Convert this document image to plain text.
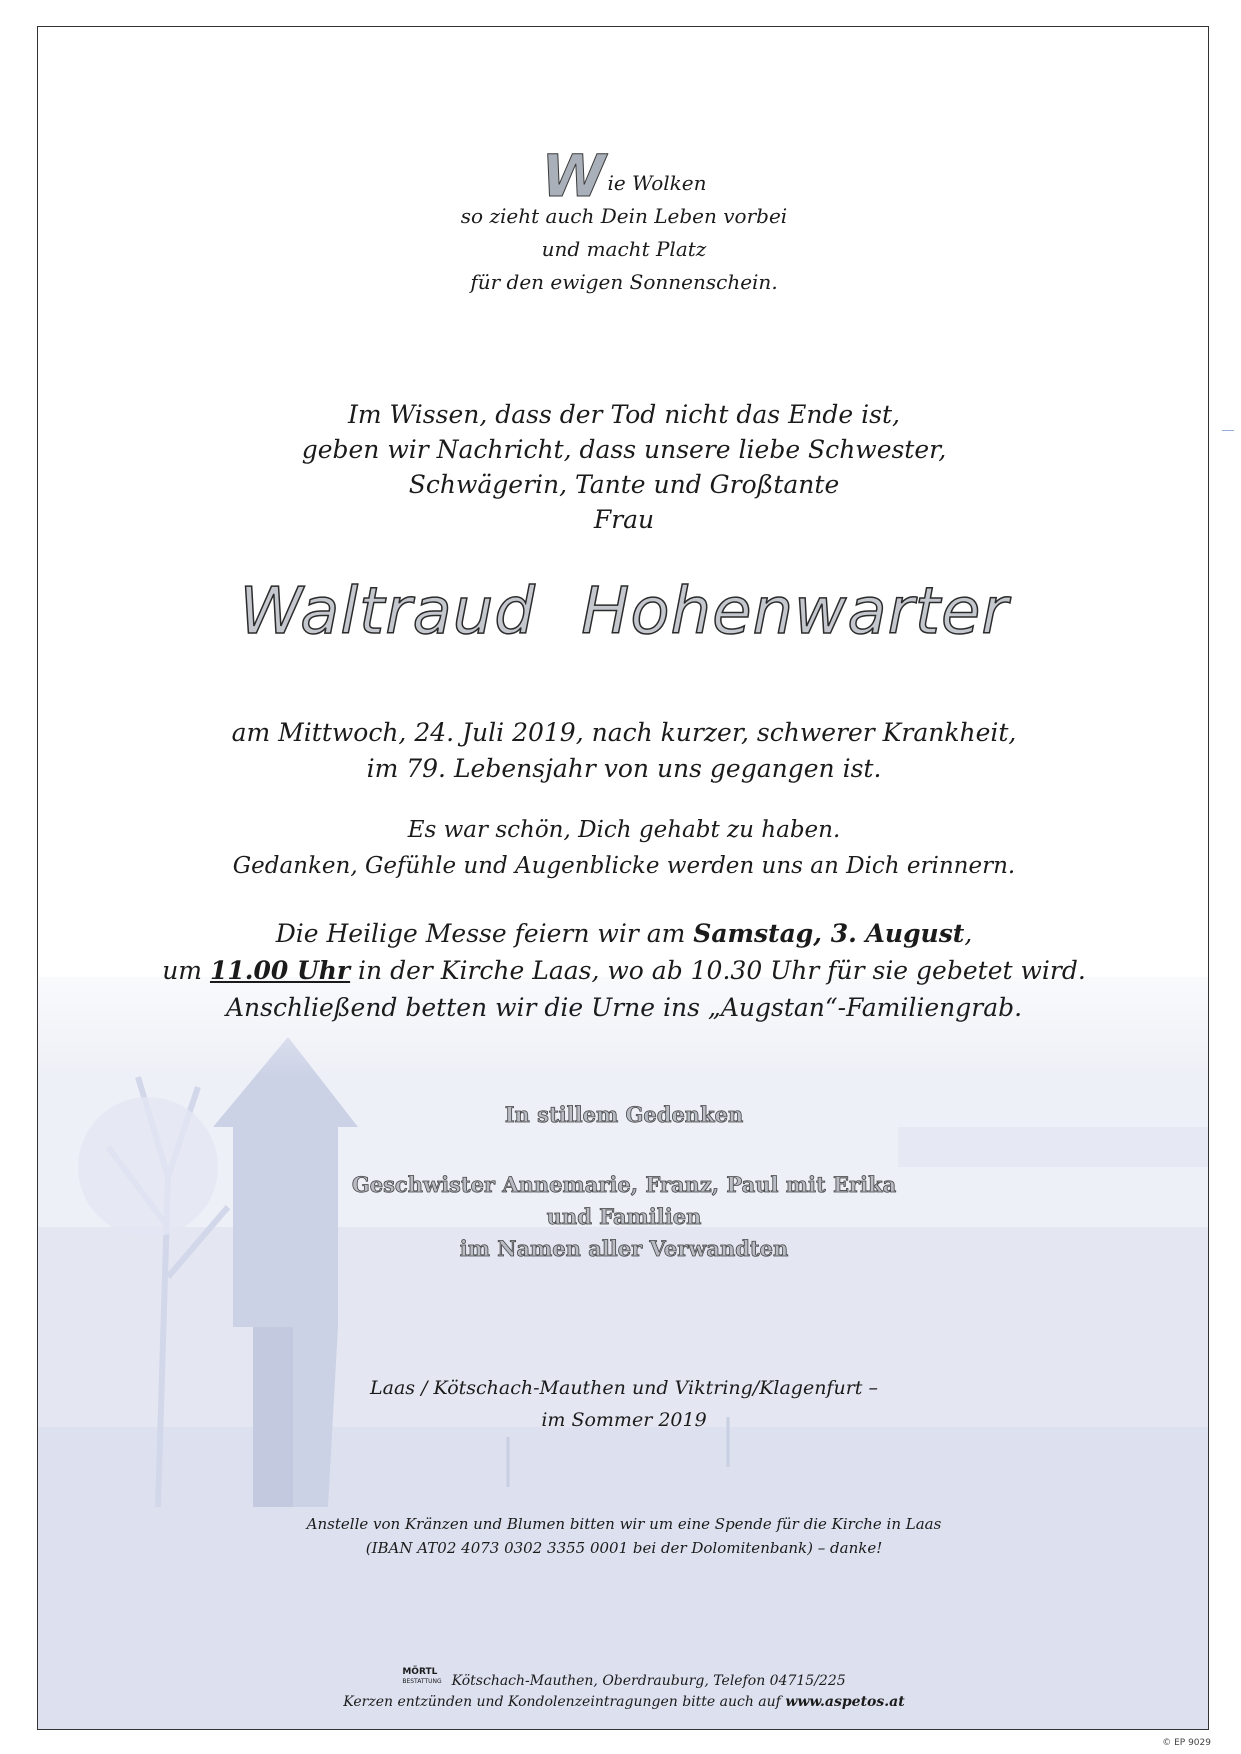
Wie Wolken
so zieht auch Dein Leben vorbei
und macht Platz
für den ewigen Sonnenschein.
Im Wissen, dass der Tod nicht das Ende ist,
geben wir Nachricht, dass unsere liebe Schwester,
Schwägerin, Tante und Großtante
Frau
Waltraud Hohenwarter
am Mittwoch, 24. Juli 2019, nach kurzer, schwerer Krankheit,
im 79. Lebensjahr von uns gegangen ist.
Es war schön, Dich gehabt zu haben.
Gedanken, Gefühle und Augenblicke werden uns an Dich erinnern.
Die Heilige Messe feiern wir am Samstag, 3. August,
um 11.00 Uhr in der Kirche Laas, wo ab 10.30 Uhr für sie gebetet wird.
Anschließend betten wir die Urne ins „Augstan“-Familiengrab.
In stillem Gedenken
Geschwister Annemarie, Franz, Paul mit Erika
und Familien
im Namen aller Verwandten
Laas / Kötschach-Mauthen und Viktring/Klagenfurt –
im Sommer 2019
Anstelle von Kränzen und Blumen bitten wir um eine Spende für die Kirche in Laas
(IBAN AT02 4073 0302 3355 0001 bei der Dolomitenbank) – danke!
MÖRTL
BESTATTUNG Kötschach-Mauthen, Oberdrauburg, Telefon 04715/225
Kerzen entzünden und Kondolenzeintragungen bitte auch auf www.aspetos.at
© EP 9029
